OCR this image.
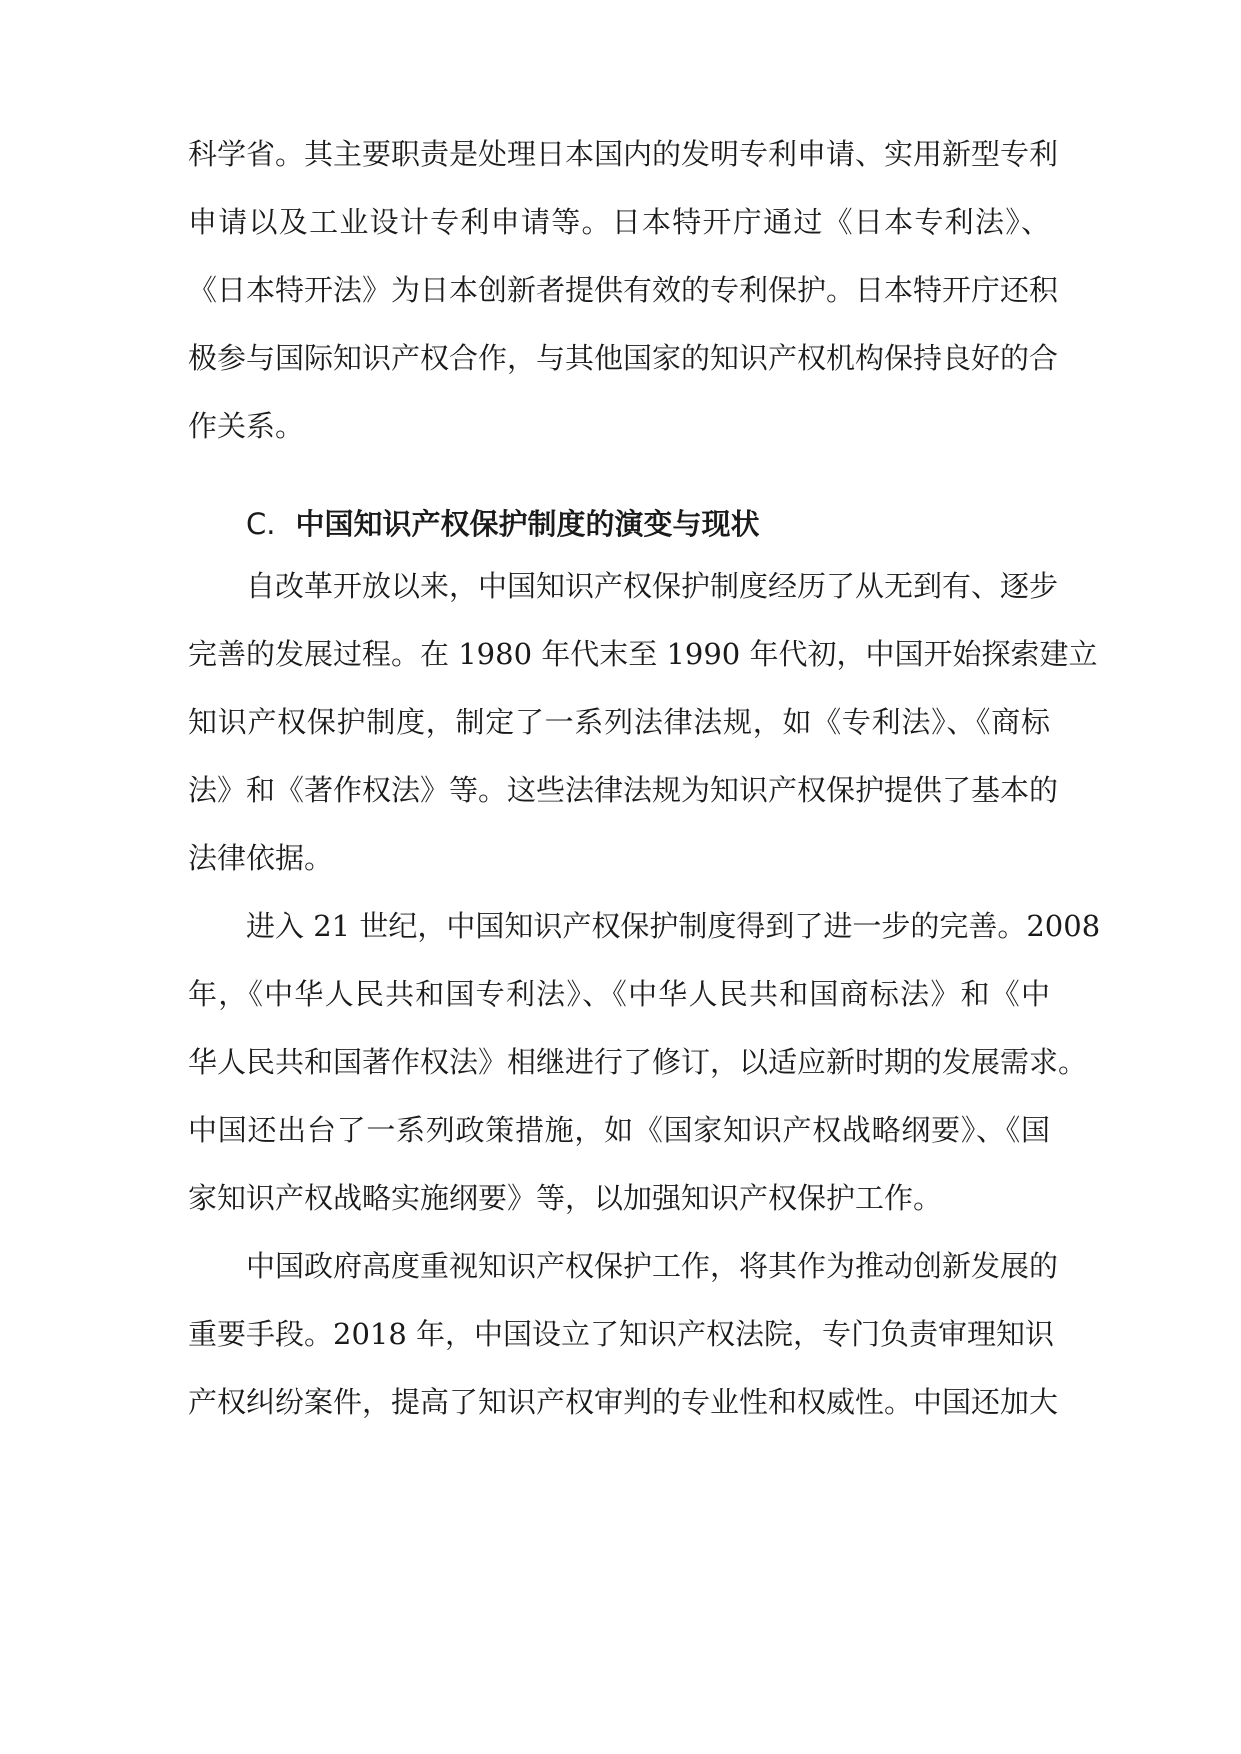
科学省。其主要职责是处理日本国内的发明专利申请、实用新型专利
申请以及工业设计专利申请等。日本特开庁通过《日本专利法》、
《日本特开法》为日本创新者提供有效的专利保护。日本特开庁还积
极参与国际知识产权合作，与其他国家的知识产权机构保持良好的合
作关系。
C. 中国知识产权保护制度的演变与现状
自改革开放以来，中国知识产权保护制度经历了从无到有、逐步
完善的发展过程。在 1980 年代末至 1990 年代初，中国开始探索建立
知识产权保护制度，制定了一系列法律法规，如《专利法》、《商标
法》和《著作权法》等。这些法律法规为知识产权保护提供了基本的
法律依据。
进入 21 世纪，中国知识产权保护制度得到了进一步的完善。2008
年，《中华人民共和国专利法》、《中华人民共和国商标法》和《中
华人民共和国著作权法》相继进行了修订，以适应新时期的发展需求。
中国还出台了一系列政策措施，如《国家知识产权战略纲要》、《国
家知识产权战略实施纲要》等，以加强知识产权保护工作。
中国政府高度重视知识产权保护工作，将其作为推动创新发展的
重要手段。2018 年，中国设立了知识产权法院，专门负责审理知识
产权纠纷案件，提高了知识产权审判的专业性和权威性。中国还加大
